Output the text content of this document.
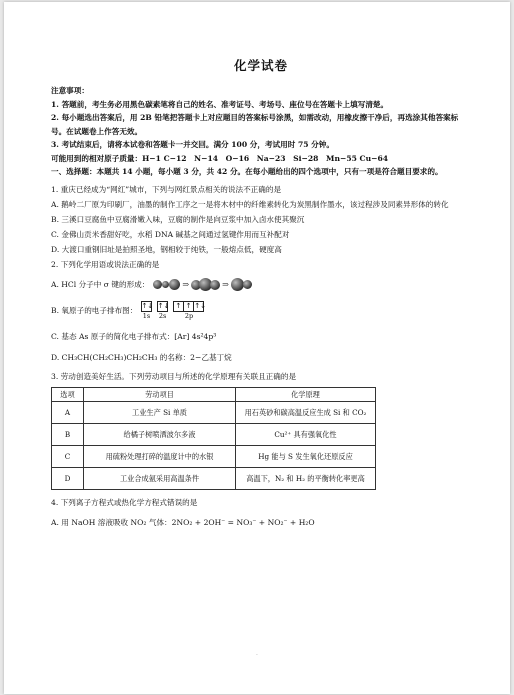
化学试卷

注意事项：

1. 答题前，考生务必用黑色碳素笔将自己的姓名、准考证号、考场号、座位号在答题卡上填写清楚。

2. 每小题选出答案后，用 2B 铅笔把答题卡上对应题目的答案标号涂黑，如需改动，用橡皮擦干净后，再选涂其他答案标号。在试题卷上作答无效。

3. 考试结束后，请将本试卷和答题卡一并交回。满分 100 分，考试用时 75 分钟。

可能用到的相对原子质量：H−1 C−12　N−14　O−16　Na−23　Si−28　Mn−55 Cu−64

一、选择题：本题共 14 小题，每小题 3 分，共 42 分。在每小题给出的四个选项中，只有一项是符合题目要求的。

1. 重庆已经成为“网红”城市，下列与网红景点相关的说法不正确的是

A. 鹅岭二厂原为印刷厂，油墨的制作工序之一是将木材中的纤维素转化为炭黑制作墨水，该过程涉及同素异形体的转化

B. 三溪口豆腐鱼中豆腐滑嫩入味，豆腐的制作是向豆浆中加入卤水使其聚沉

C. 金佛山贡米香甜好吃，水稻 DNA 碱基之间通过氢键作用而互补配对

D. 大渡口重钢旧址是拍照圣地，钢相较于纯铁，一般熔点低，硬度高

2. 下列化学用语或说法正确的是

A. HCl 分子中 σ 键的形成：	⇒	⇒
B. 氧原子的电子排布图： ↑↓
1s
↑↓
2s
↑ ↑ ↑↓
2p

C. 基态 As 原子的简化电子排布式：[Ar] 4s²4p³

D. CH₃CH(CH₂CH₃)CH₂CH₃ 的名称：2−乙基丁烷

3. 劳动创造美好生活。下列劳动项目与所述的化学原理有关联且正确的是

选项	劳动项目	化学原理
A	工业生产 Si 单质	用石英砂和碳高温反应生成 Si 和 CO₂
B	给橘子树喷洒波尔多液	Cu²⁺ 具有强氧化性
C	用硫粉处理打碎的温度计中的水银	Hg 能与 S 发生氧化还原反应
D	工业合成氨采用高温条件	高温下，N₂ 和 H₂ 的平衡转化率更高

4. 下列离子方程式或热化学方程式错误的是

A. 用 NaOH 溶液吸收 NO₂ 气体：2NO₂ + 2OH⁻ = NO₃⁻ + NO₂⁻ + H₂O

·
